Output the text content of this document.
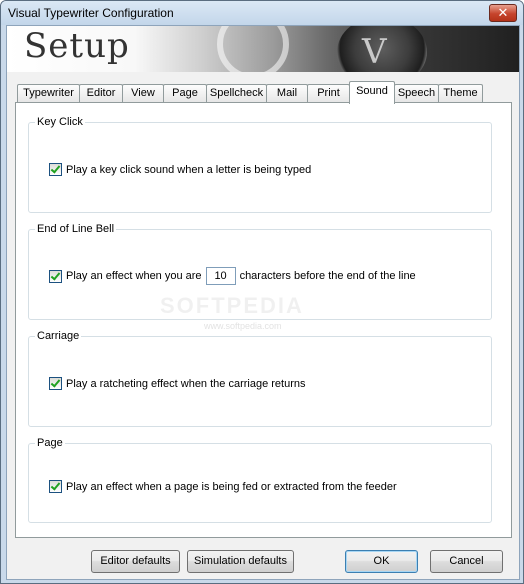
Visual Typewriter Configuration	✕
Setup	V
Typewriter	Editor	View	Page	Spellcheck	Mail	Print	Sound Speech Theme
SOFTPEDIA
www.softpedia.com
Key Click
Play a key click sound when a letter is being typed
End of Line Bell
Play an effect when you are	10	characters before the end of the line
Carriage
Play a ratcheting effect when the carriage returns
Page
Play an effect when a page is being fed or extracted from the feeder
Editor defaults	Simulation defaults	OK	Cancel
